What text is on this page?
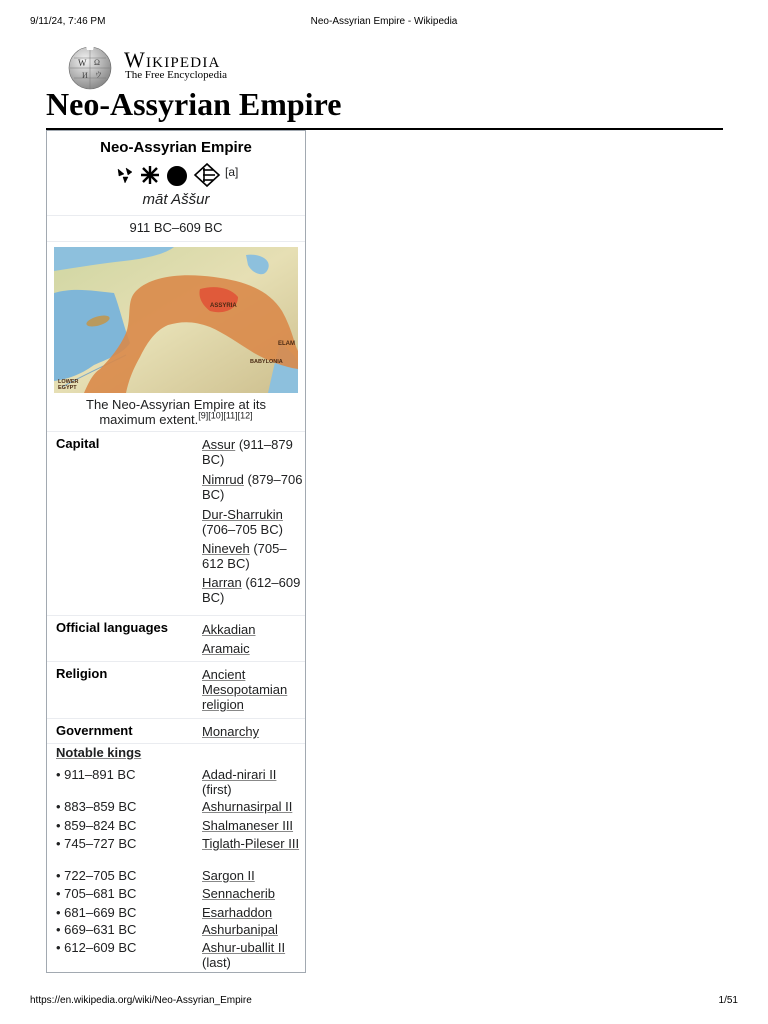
9/11/24, 7:46 PM	Neo-Assyrian Empire - Wikipedia
W Ω
И ウ
Wikipedia
The Free Encyclopedia
Neo-Assyrian Empire
Neo-Assyrian Empire
[a]
māt Aššur
911 BC–609 BC
ASSYRIA
ELAM
BABYLONIA
LOWER
EGYPT
The Neo-Assyrian Empire at its maximum extent.[9][10][11][12]
Capital	Assur (911–879 BC)
Nimrud (879–706 BC)
Dur-Sharrukin (706–705 BC)
Nineveh (705–612 BC)
Harran (612–609 BC)
Official languages	Akkadian
Aramaic
Religion	Ancient Mesopotamian religion
Government	Monarchy
Notable kings
• 911–891 BC	Adad-nirari II (first)
• 883–859 BC	Ashurnasirpal II
• 859–824 BC	Shalmaneser III
• 745–727 BC	Tiglath-Pileser III
• 722–705 BC	Sargon II
• 705–681 BC	Sennacherib
• 681–669 BC	Esarhaddon
• 669–631 BC	Ashurbanipal
• 612–609 BC	Ashur-uballit II (last)
https://en.wikipedia.org/wiki/Neo-Assyrian_Empire	1/51
